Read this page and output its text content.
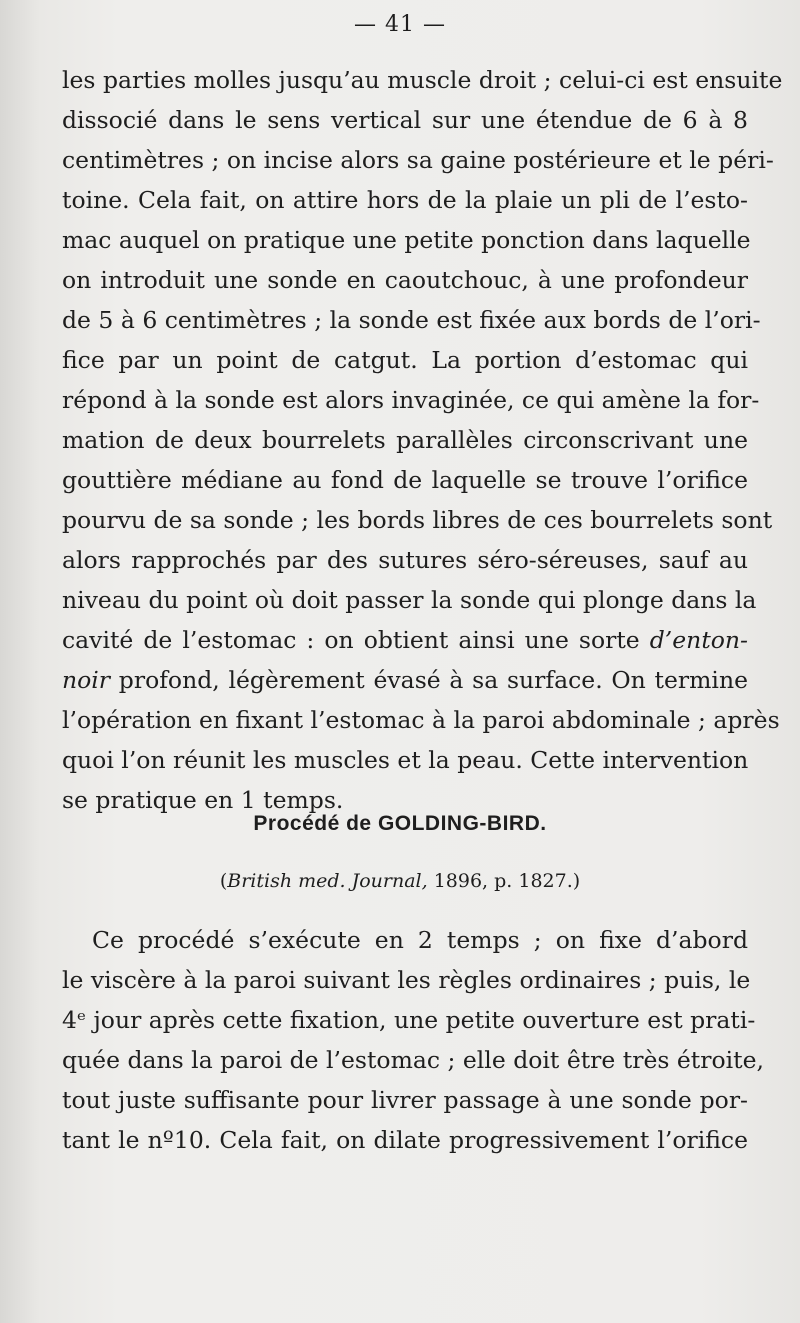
— 41 —
les parties molles jusqu’au muscle droit ; celui-ci est ensuite
dissocié dans le sens vertical sur une étendue de 6 à 8
centimètres ; on incise alors sa gaine postérieure et le péri-
toine. Cela fait, on attire hors de la plaie un pli de l’esto-
mac auquel on pratique une petite ponction dans laquelle
on introduit une sonde en caoutchouc, à une profondeur
de 5 à 6 centimètres ; la sonde est fixée aux bords de l’ori-
fice par un point de catgut. La portion d’estomac qui
répond à la sonde est alors invaginée, ce qui amène la for-
mation de deux bourrelets parallèles circonscrivant une
gouttière médiane au fond de laquelle se trouve l’orifice
pourvu de sa sonde ; les bords libres de ces bourrelets sont
alors rapprochés par des sutures séro-séreuses, sauf au
niveau du point où doit passer la sonde qui plonge dans la
cavité de l’estomac : on obtient ainsi une sorte d’enton-
noir profond, légèrement évasé à sa surface. On termine
l’opération en fixant l’estomac à la paroi abdominale ; après
quoi l’on réunit les muscles et la peau. Cette intervention
se pratique en 1 temps.
Procédé de GOLDING-BIRD.
(British med. Journal, 1896, p. 1827.)
Ce procédé s’exécute en 2 temps ; on fixe d’abord
le viscère à la paroi suivant les règles ordinaires ; puis, le
4ᵉ jour après cette fixation, une petite ouverture est prati-
quée dans la paroi de l’estomac ; elle doit être très étroite,
tout juste suffisante pour livrer passage à une sonde por-
tant le nº10. Cela fait, on dilate progressivement l’orifice
